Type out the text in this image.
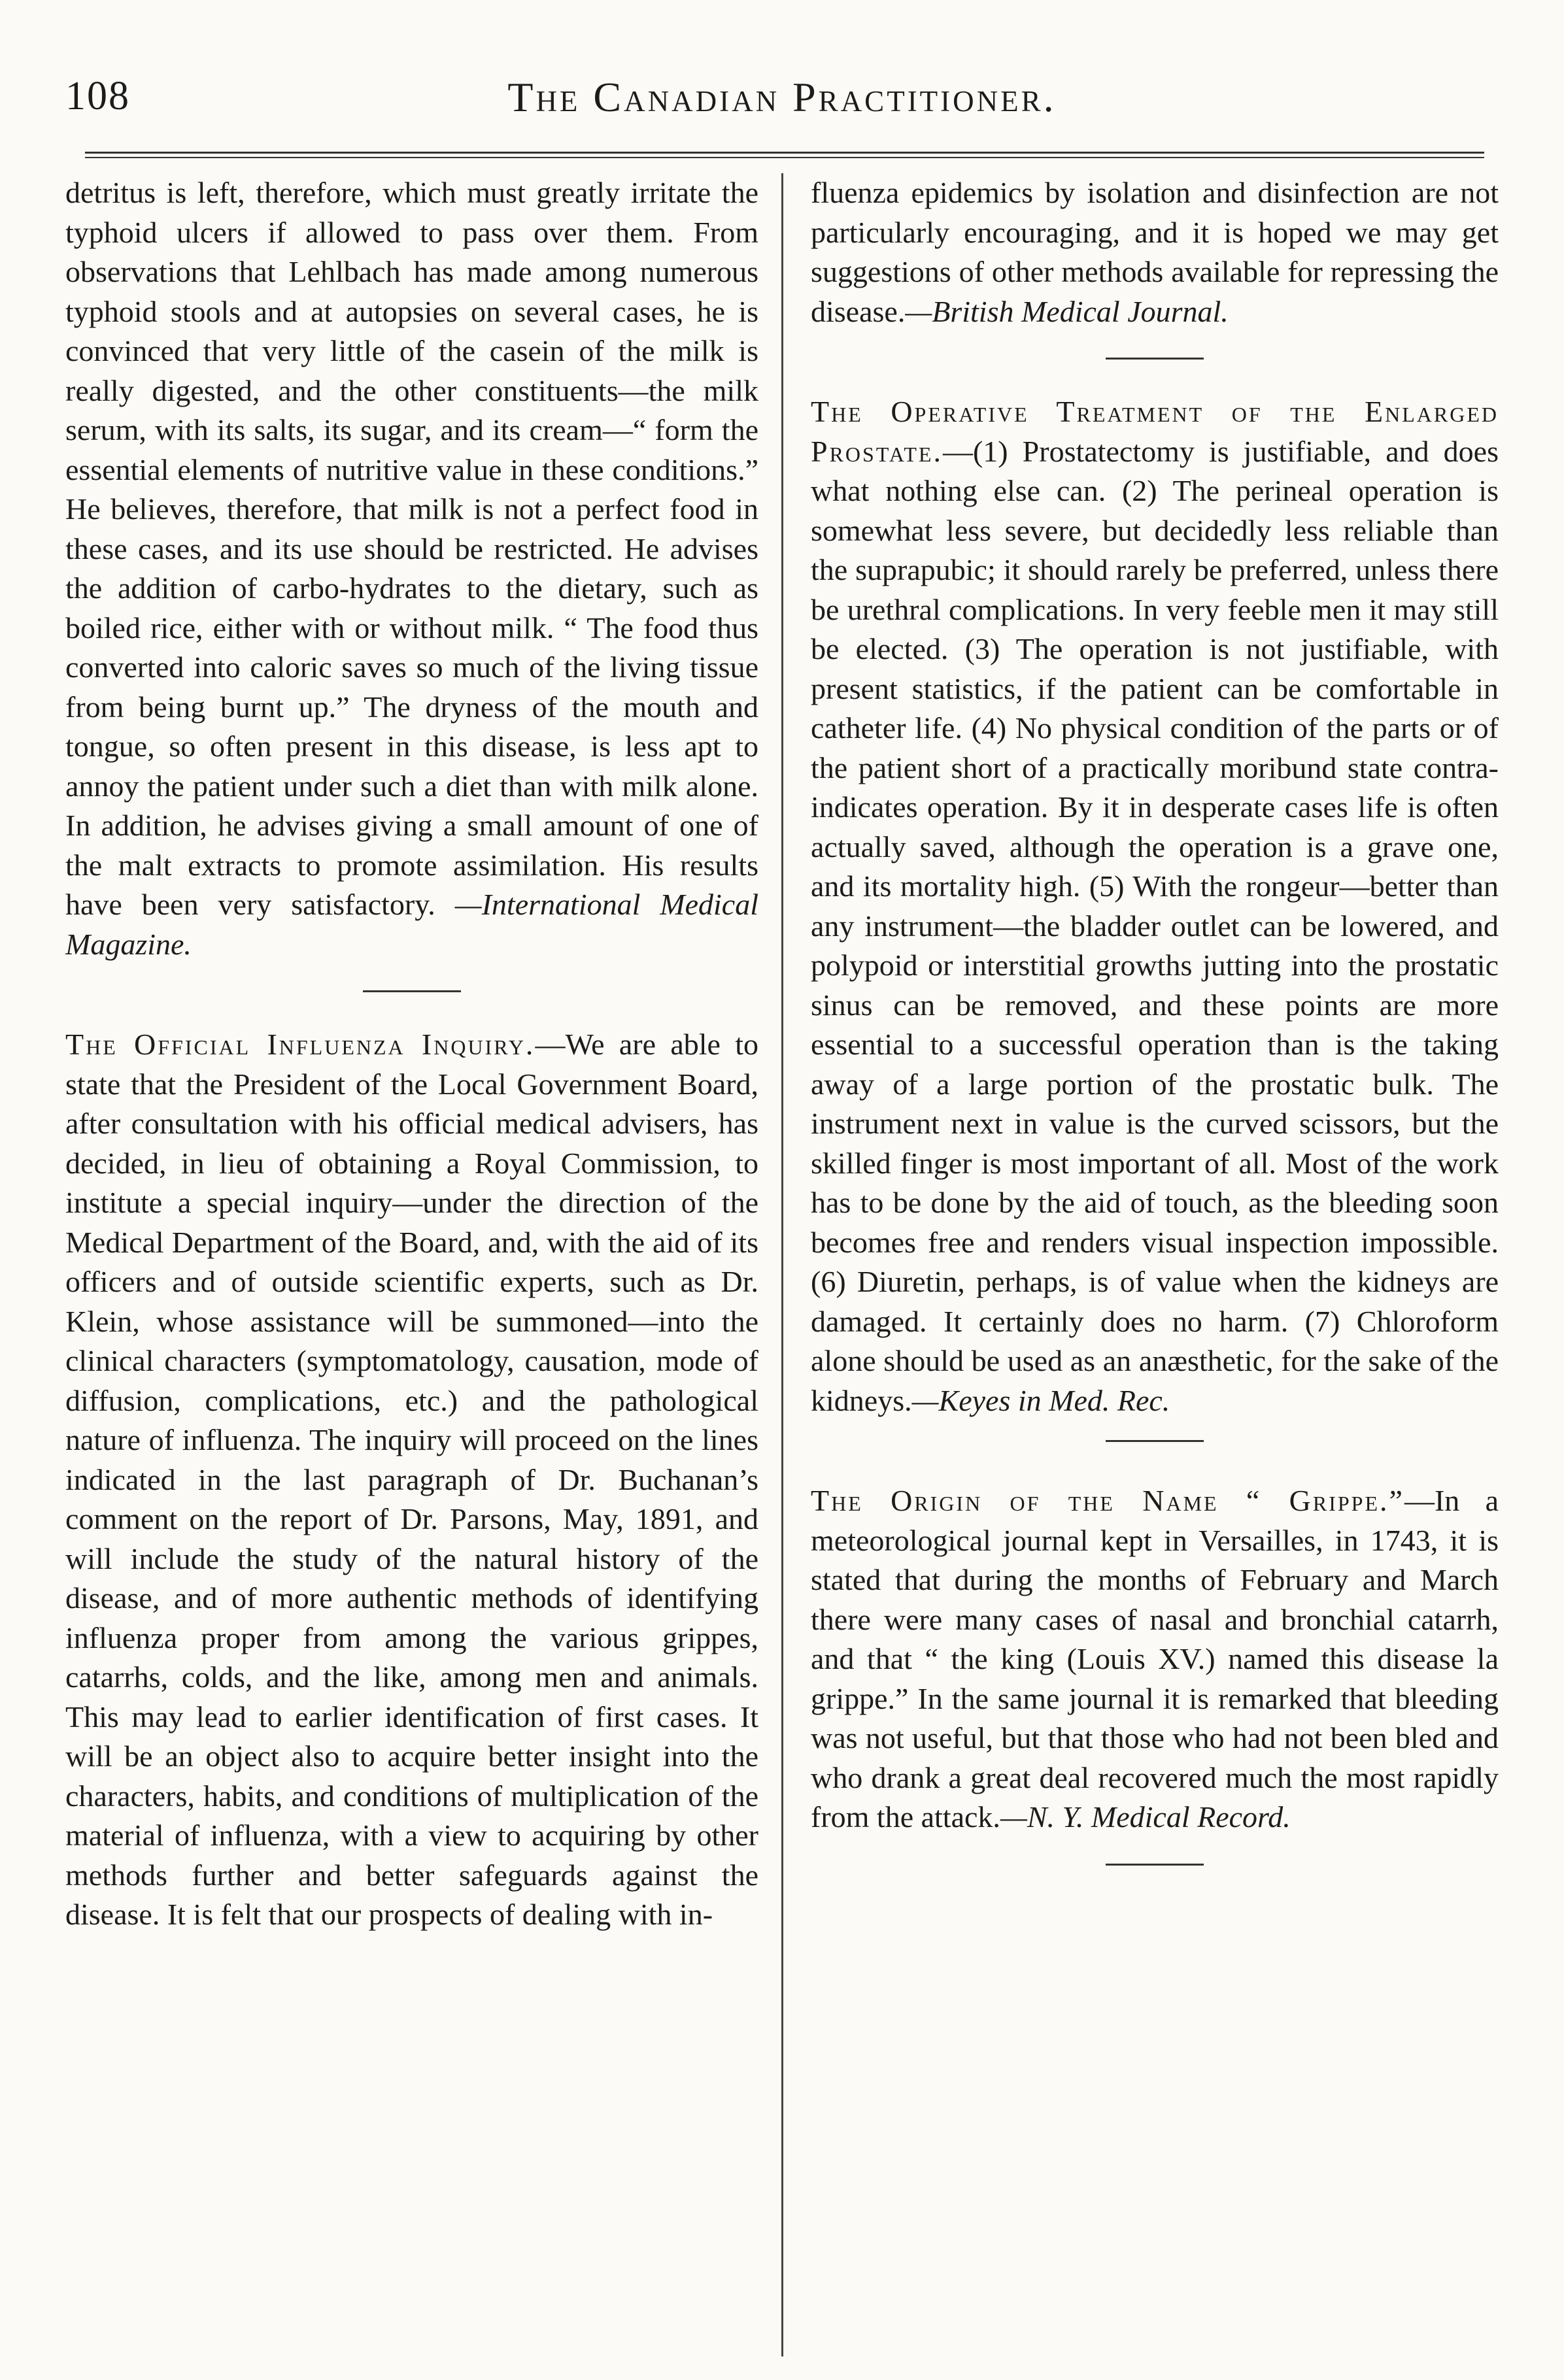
108	The Canadian Practitioner.

detritus is left, therefore, which must greatly irritate the typhoid ulcers if allowed to pass over them. From observations that Lehlbach has made among numerous typhoid stools and at autopsies on several cases, he is convinced that very little of the casein of the milk is really digested, and the other constituents—the milk serum, with its salts, its sugar, and its cream—“ form the essential elements of nutritive value in these conditions.” He believes, therefore, that milk is not a perfect food in these cases, and its use should be restricted. He advises the addition of carbo-hydrates to the dietary, such as boiled rice, either with or without milk. “ The food thus converted into caloric saves so much of the living tissue from being burnt up.” The dryness of the mouth and tongue, so often present in this disease, is less apt to annoy the patient under such a diet than with milk alone. In addition, he advises giving a small amount of one of the malt extracts to promote assimilation. His results have been very satisfactory. —International Medical Magazine.

The Official Influenza Inquiry.—We are able to state that the President of the Local Government Board, after consultation with his official medical advisers, has decided, in lieu of obtaining a Royal Commission, to institute a special inquiry—under the direction of the Medical Department of the Board, and, with the aid of its officers and of outside scientific experts, such as Dr. Klein, whose assistance will be summoned—into the clinical characters (symptomatology, causation, mode of diffusion, complications, etc.) and the pathological nature of influenza. The inquiry will proceed on the lines indicated in the last paragraph of Dr. Buchanan’s comment on the report of Dr. Parsons, May, 1891, and will include the study of the natural history of the disease, and of more authentic methods of identifying influenza proper from among the various grippes, catarrhs, colds, and the like, among men and animals. This may lead to earlier identification of first cases. It will be an object also to acquire better insight into the characters, habits, and conditions of multiplication of the material of influenza, with a view to acquiring by other methods further and better safeguards against the disease. It is felt that our prospects of dealing with in-

fluenza epidemics by isolation and disinfection are not particularly encouraging, and it is hoped we may get suggestions of other methods available for repressing the disease.—British Medical Journal.

The Operative Treatment of the Enlarged Prostate.—(1) Prostatectomy is justifiable, and does what nothing else can. (2) The perineal operation is somewhat less severe, but decidedly less reliable than the suprapubic; it should rarely be preferred, unless there be urethral complications. In very feeble men it may still be elected. (3) The operation is not justifiable, with present statistics, if the patient can be comfortable in catheter life. (4) No physical condition of the parts or of the patient short of a practically moribund state contra-indicates operation. By it in desperate cases life is often actually saved, although the operation is a grave one, and its mortality high. (5) With the rongeur—better than any instrument—the bladder outlet can be lowered, and polypoid or interstitial growths jutting into the prostatic sinus can be removed, and these points are more essential to a successful operation than is the taking away of a large portion of the prostatic bulk. The instrument next in value is the curved scissors, but the skilled finger is most important of all. Most of the work has to be done by the aid of touch, as the bleeding soon becomes free and renders visual inspection impossible. (6) Diuretin, perhaps, is of value when the kidneys are damaged. It certainly does no harm. (7) Chloroform alone should be used as an anæsthetic, for the sake of the kidneys.—Keyes in Med. Rec.

The Origin of the Name “ Grippe.”—In a meteorological journal kept in Versailles, in 1743, it is stated that during the months of February and March there were many cases of nasal and bronchial catarrh, and that “ the king (Louis XV.) named this disease la grippe.” In the same journal it is remarked that bleeding was not useful, but that those who had not been bled and who drank a great deal recovered much the most rapidly from the attack.—N. Y. Medical Record.
